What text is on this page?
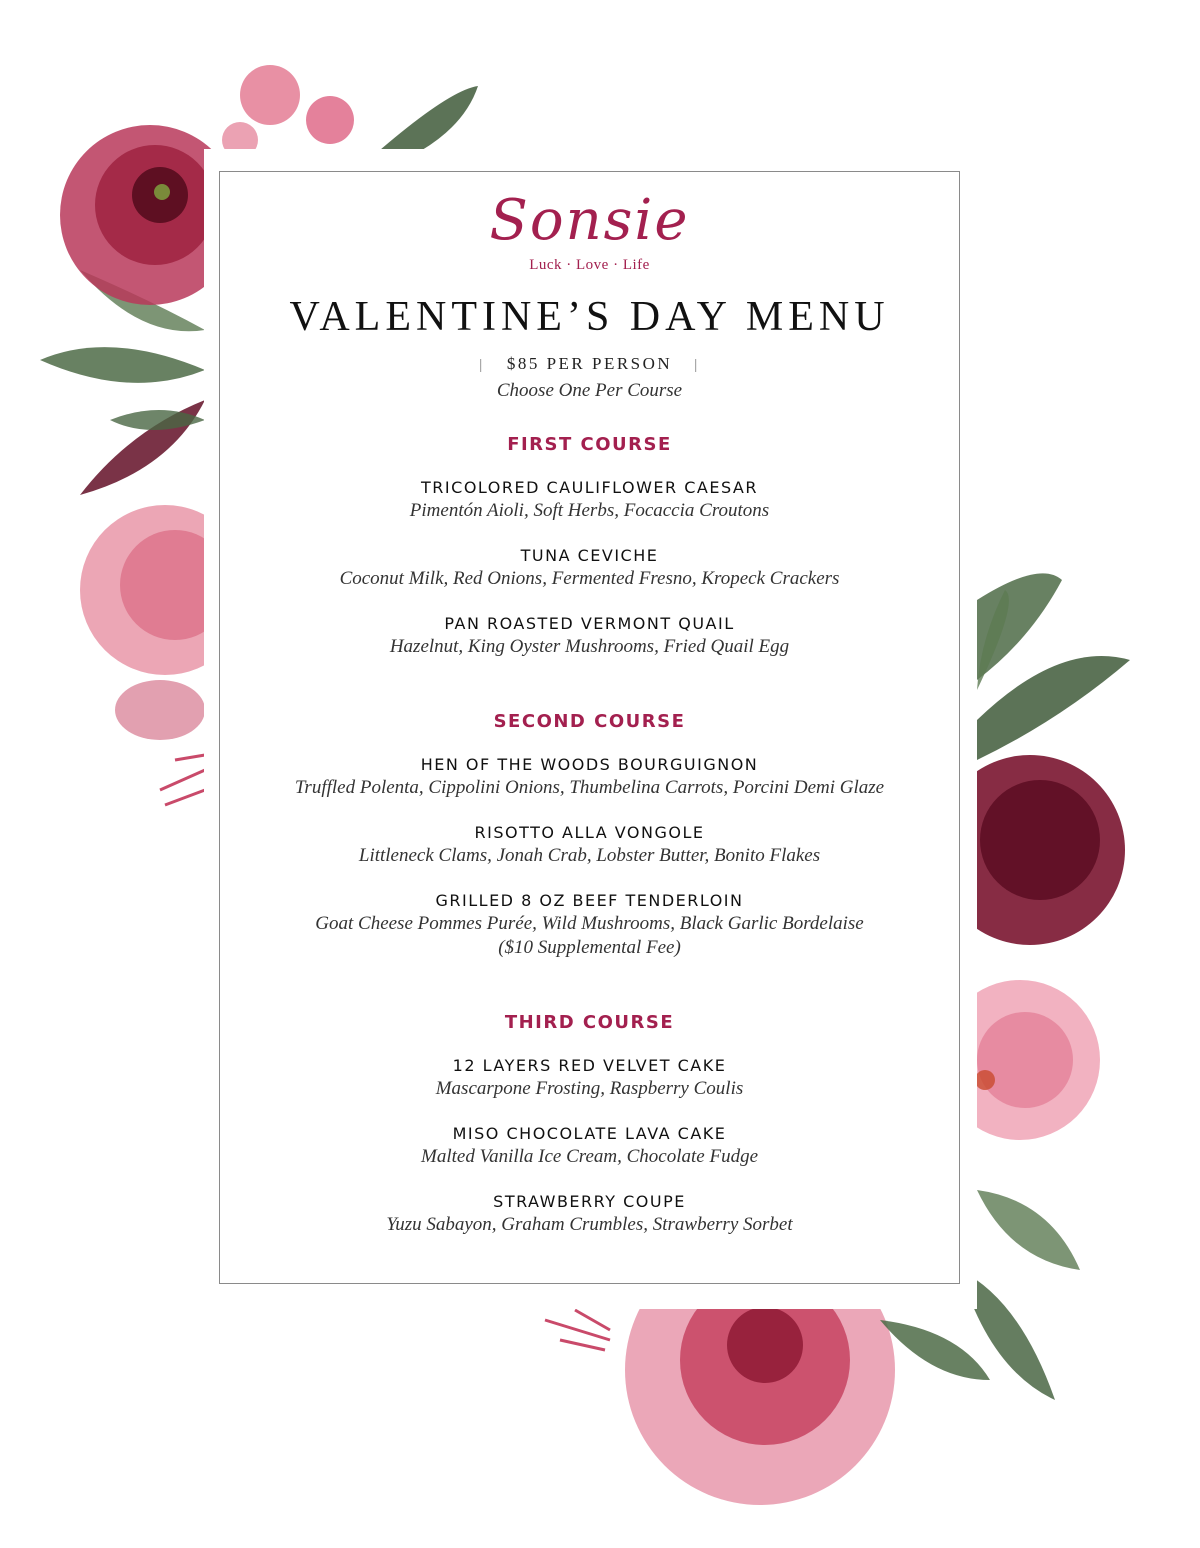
Sonsie
Luck · Love · Life
VALENTINE’S DAY MENU
| $85 PER PERSON |
Choose One Per Course
FIRST COURSE
TRICOLORED CAULIFLOWER CAESAR
Pimentón Aioli, Soft Herbs, Focaccia Croutons
TUNA CEVICHE
Coconut Milk, Red Onions, Fermented Fresno, Kropeck Crackers
PAN ROASTED VERMONT QUAIL
Hazelnut, King Oyster Mushrooms, Fried Quail Egg
SECOND COURSE
HEN OF THE WOODS BOURGUIGNON
Truffled Polenta, Cippolini Onions, Thumbelina Carrots, Porcini Demi Glaze
RISOTTO ALLA VONGOLE
Littleneck Clams, Jonah Crab, Lobster Butter, Bonito Flakes
GRILLED 8 OZ BEEF TENDERLOIN
Goat Cheese Pommes Purée, Wild Mushrooms, Black Garlic Bordelaise
($10 Supplemental Fee)
THIRD COURSE
12 LAYERS RED VELVET CAKE
Mascarpone Frosting, Raspberry Coulis
MISO CHOCOLATE LAVA CAKE
Malted Vanilla Ice Cream, Chocolate Fudge
STRAWBERRY COUPE
Yuzu Sabayon, Graham Crumbles, Strawberry Sorbet
